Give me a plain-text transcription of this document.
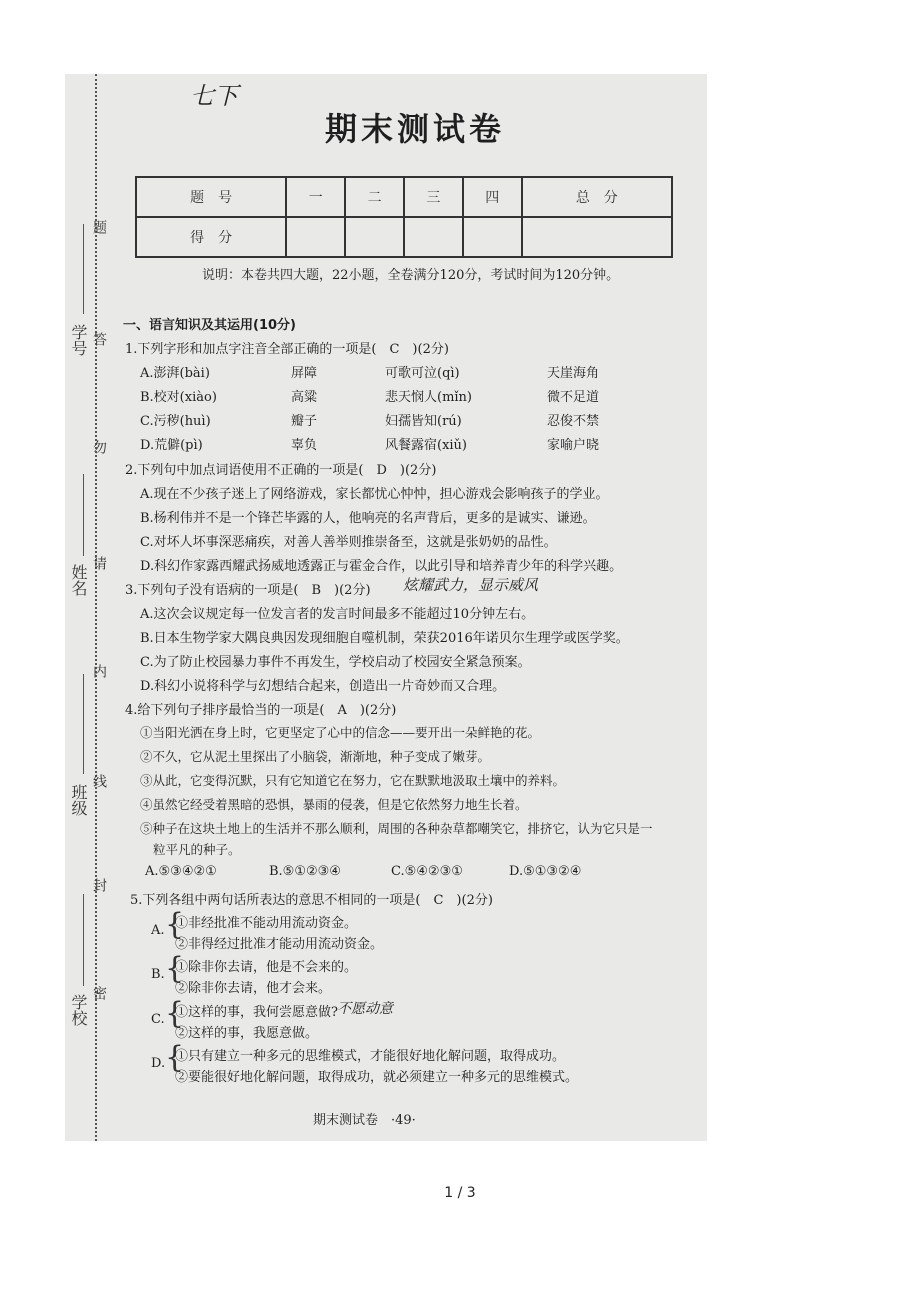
题
答
勿
请
内
线
封
密
学号
姓名
班级
学校
七下
期末测试卷
题　号	一	二	三	四	总　分
得　分					
说明：本卷共四大题，22小题，全卷满分120分，考试时间为120分钟。
一、语言知识及其运用(10分)
1.下列字形和加点字注音全部正确的一项是(　C　)(2分)
A.澎湃(bài)	屏障	可歌可泣(qì)	天崖海角
B.校对(xiào)	高粱	悲天悯人(mǐn)	微不足道
C.污秽(huì)	瓣子	妇孺皆知(rú)	忍俊不禁
D.荒僻(pì)	辜负	风餐露宿(xiǔ)	家喻户晓
2.下列句中加点词语使用不正确的一项是(　D　)(2分)
A.现在不少孩子迷上了网络游戏，家长都忧心忡忡，担心游戏会影响孩子的学业。
B.杨利伟并不是一个锋芒毕露的人，他响亮的名声背后，更多的是诚实、谦逊。
C.对坏人坏事深恶痛疾，对善人善举则推崇备至，这就是张奶奶的品性。
D.科幻作家露西耀武扬威地透露正与霍金合作，以此引导和培养青少年的科学兴趣。
3.下列句子没有语病的一项是(　B　)(2分) 炫耀武力，显示威风
A.这次会议规定每一位发言者的发言时间最多不能超过10分钟左右。
B.日本生物学家大隅良典因发现细胞自噬机制，荣获2016年诺贝尔生理学或医学奖。
C.为了防止校园暴力事件不再发生，学校启动了校园安全紧急预案。
D.科幻小说将科学与幻想结合起来，创造出一片奇妙而又合理。
4.给下列句子排序最恰当的一项是(　A　)(2分)
①当阳光洒在身上时，它更坚定了心中的信念——要开出一朵鲜艳的花。
②不久，它从泥土里探出了小脑袋，渐渐地，种子变成了嫩芽。
③从此，它变得沉默，只有它知道它在努力，它在默默地汲取土壤中的养料。
④虽然它经受着黑暗的恐惧，暴雨的侵袭，但是它依然努力地生长着。
⑤种子在这块土地上的生活并不那么顺利，周围的各种杂草都嘲笑它，排挤它，认为它只是一
粒平凡的种子。
A.⑤③④②①	B.⑤①②③④	C.⑤④②③①	D.⑤①③②④
5.下列各组中两句话所表达的意思不相同的一项是(　C　)(2分)
A. {
①非经批准不能动用流动资金。
②非得经过批准才能动用流动资金。
B. {
①除非你去请，他是不会来的。
②除非你去请，他才会来。
C. {
①这样的事，我何尝愿意做? 不愿动意
②这样的事，我愿意做。
D. {
①只有建立一种多元的思维模式，才能很好地化解问题，取得成功。
②要能很好地化解问题，取得成功，就必须建立一种多元的思维模式。
期末测试卷　·49·
1 / 3
